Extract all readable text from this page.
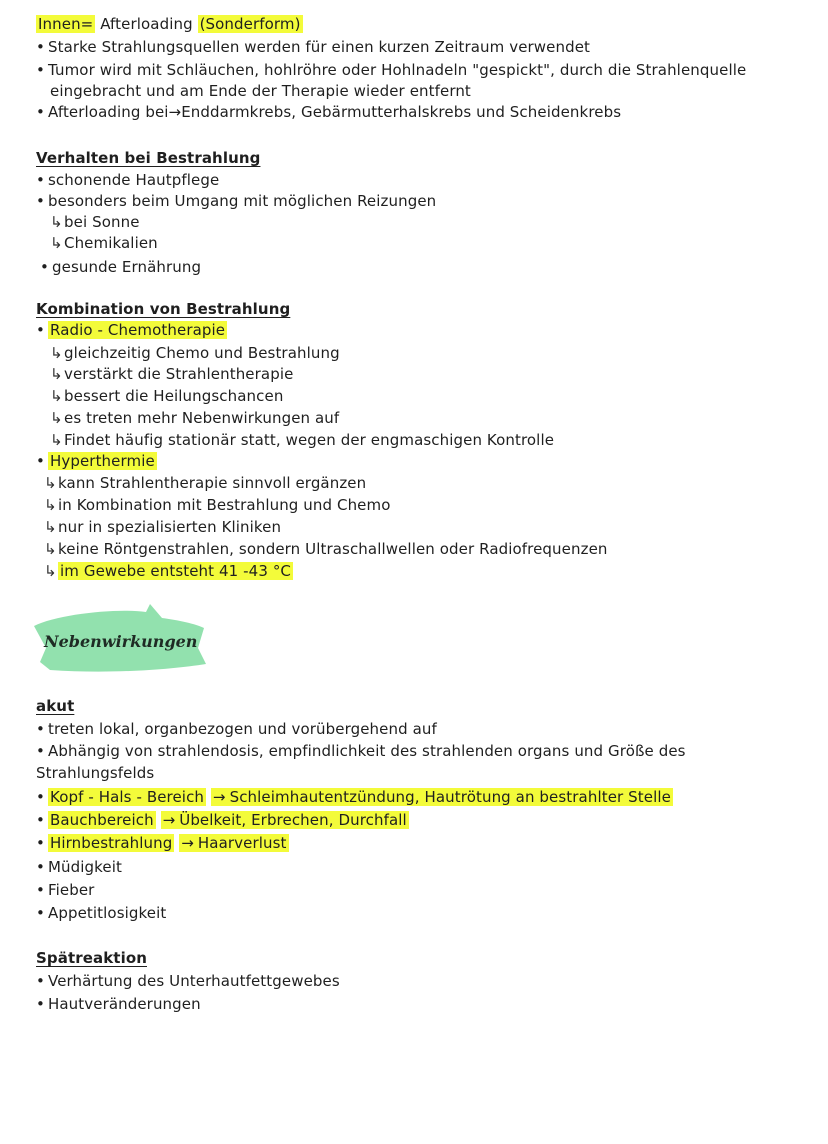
Innen= Afterloading (Sonderform)
• Starke Strahlungsquellen werden für einen kurzen Zeitraum verwendet
• Tumor wird mit Schläuchen, hohlröhre oder Hohlnadeln "gespickt", durch die Strahlenquelle
eingebracht und am Ende der Therapie wieder entfernt
• Afterloading bei→Enddarmkrebs, Gebärmutterhalskrebs und Scheidenkrebs
Verhalten bei Bestrahlung
• schonende Hautpflege
• besonders beim Umgang mit möglichen Reizungen
↳bei Sonne
↳Chemikalien
• gesunde Ernährung
Kombination von Bestrahlung
• Radio - Chemotherapie
↳gleichzeitig Chemo und Bestrahlung
↳verstärkt die Strahlentherapie
↳bessert die Heilungschancen
↳es treten mehr Nebenwirkungen auf
↳Findet häufig stationär statt, wegen der engmaschigen Kontrolle
• Hyperthermie
↳kann Strahlentherapie sinnvoll ergänzen
↳in Kombination mit Bestrahlung und Chemo
↳nur in spezialisierten Kliniken
↳keine Röntgenstrahlen, sondern Ultraschallwellen oder Radiofrequenzen
↳ im Gewebe entsteht 41 -43 °C
Nebenwirkungen
akut
• treten lokal, organbezogen und vorübergehend auf
• Abhängig von strahlendosis, empfindlichkeit des strahlenden organs und Größe des
Strahlungsfelds
• Kopf - Hals - Bereich → Schleimhautentzündung, Hautrötung an bestrahlter Stelle
• Bauchbereich → Übelkeit, Erbrechen, Durchfall
• Hirnbestrahlung → Haarverlust
• Müdigkeit
• Fieber
• Appetitlosigkeit
Spätreaktion
• Verhärtung des Unterhautfettgewebes
• Hautveränderungen
